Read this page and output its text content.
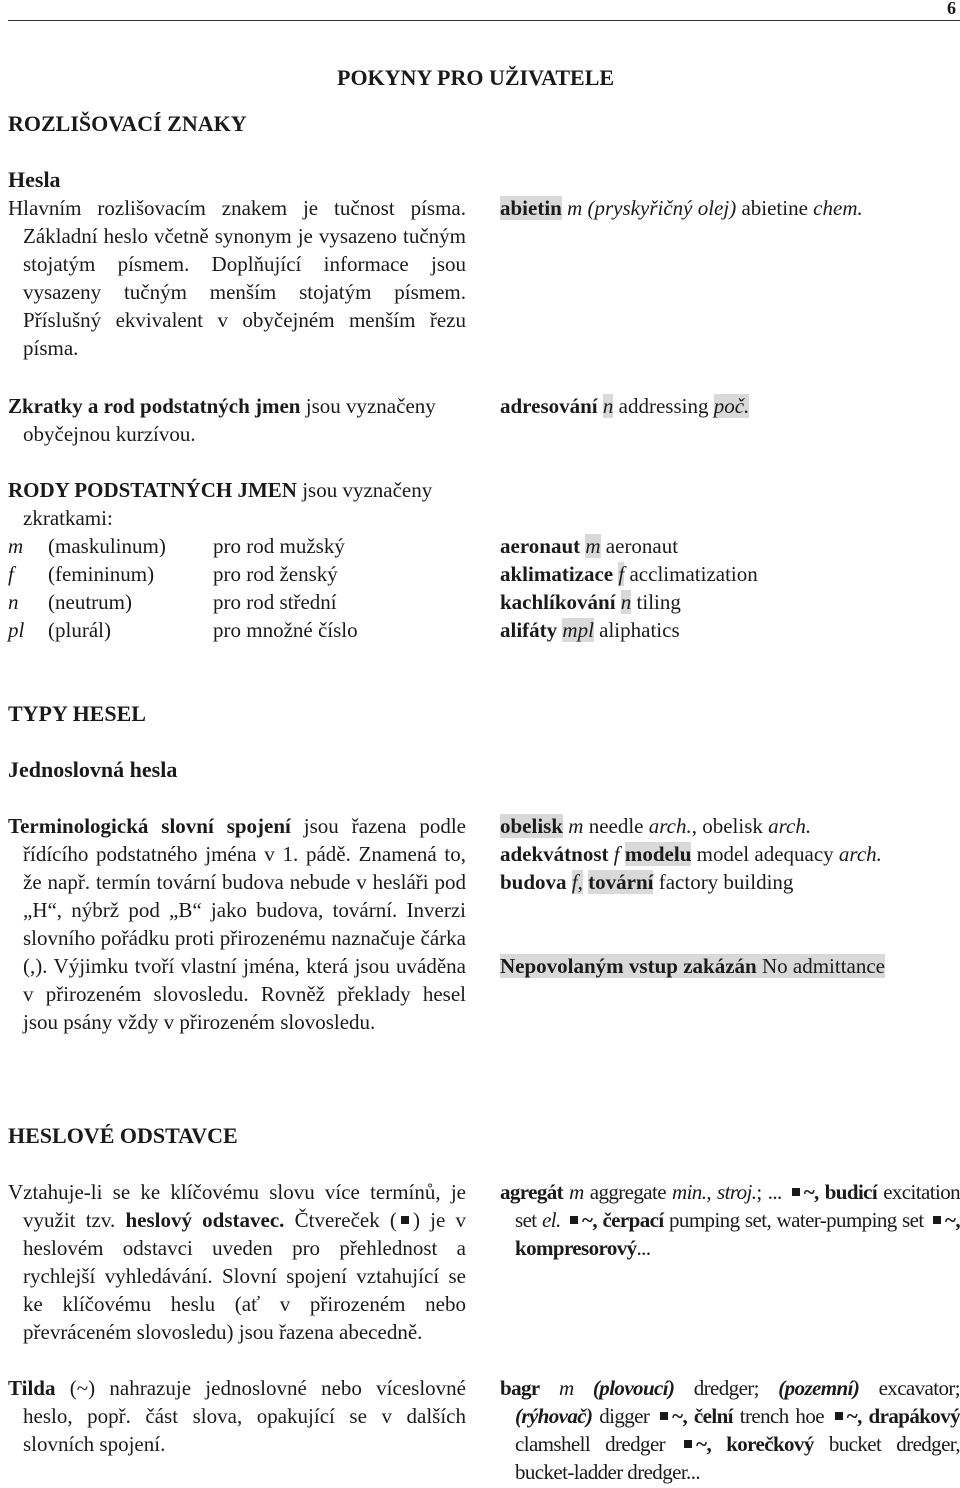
6
POKYNY PRO UŽIVATELE
ROZLIŠOVACÍ ZNAKY

Hesla

Hlavním rozlišovacím znakem je tučnost písma. Základní heslo včetně synonym je vysazeno tučným stojatým písmem. Doplňující informace jsou vysazeny tučným menším stojatým písmem. Příslušný ekvivalent v obyčejném menším řezu písma.

abietin m (pryskyřičný olej) abietine chem.

Zkratky a rod podstatných jmen jsou vyznačeny obyčejnou kurzívou.

adresování n addressing poč.

RODY PODSTATNÝCH JMEN jsou vyznačeny zkratkami:

m (maskulinum) pro rod mužský
f (femininum)	pro rod ženský
n (neutrum)	pro rod střední
pl (plurál)	pro množné číslo
aeronaut m aeronaut
aklimatizace f acclimatization
kachlíkování n tiling
alifáty mpl aliphatics
TYPY HESEL
Jednoslovná hesla

Terminologická slovní spojení jsou řazena podle řídícího podstatného jména v 1. pádě. Znamená to, že např. termín tovární budova nebude v hesláři pod „H“, nýbrž pod „B“ jako budova, tovární. Inverzi slovního pořádku proti přirozenému naznačuje čárka (,). Výjimku tvoří vlastní jména, která jsou uváděna v přirozeném slovosledu. Rovněž překlady hesel jsou psány vždy v přirozeném slovosledu.

obelisk m needle arch., obelisk arch.
adekvátnost f modelu model adequacy arch.
budova f, tovární factory building
Nepovolaným vstup zakázán No admittance
HESLOVÉ ODSTAVCE

Vztahuje-li se ke klíčovému slovu více termínů, je využit tzv. heslový odstavec. Čtvereček ( ) je v heslovém odstavci uveden pro přehlednost a rychlejší vyhledávání. Slovní spojení vztahující se ke klíčovému heslu (ať v přirozeném nebo převráceném slovosledu) jsou řazena abecedně.

agregát m aggregate min., stroj.; ... ~, budicí excitation set el. ~, čerpací pumping set, water-pumping set ~, kompresorový...

Tilda (~) nahrazuje jednoslovné nebo víceslovné heslo, popř. část slova, opakující se v dalších slovních spojení.

bagr m (plovoucí) dredger; (pozemní) excavator; (rýhovač) digger ~, čelní trench hoe ~, drapákový clamshell dredger ~, korečkový bucket dredger, bucket-ladder dredger...
